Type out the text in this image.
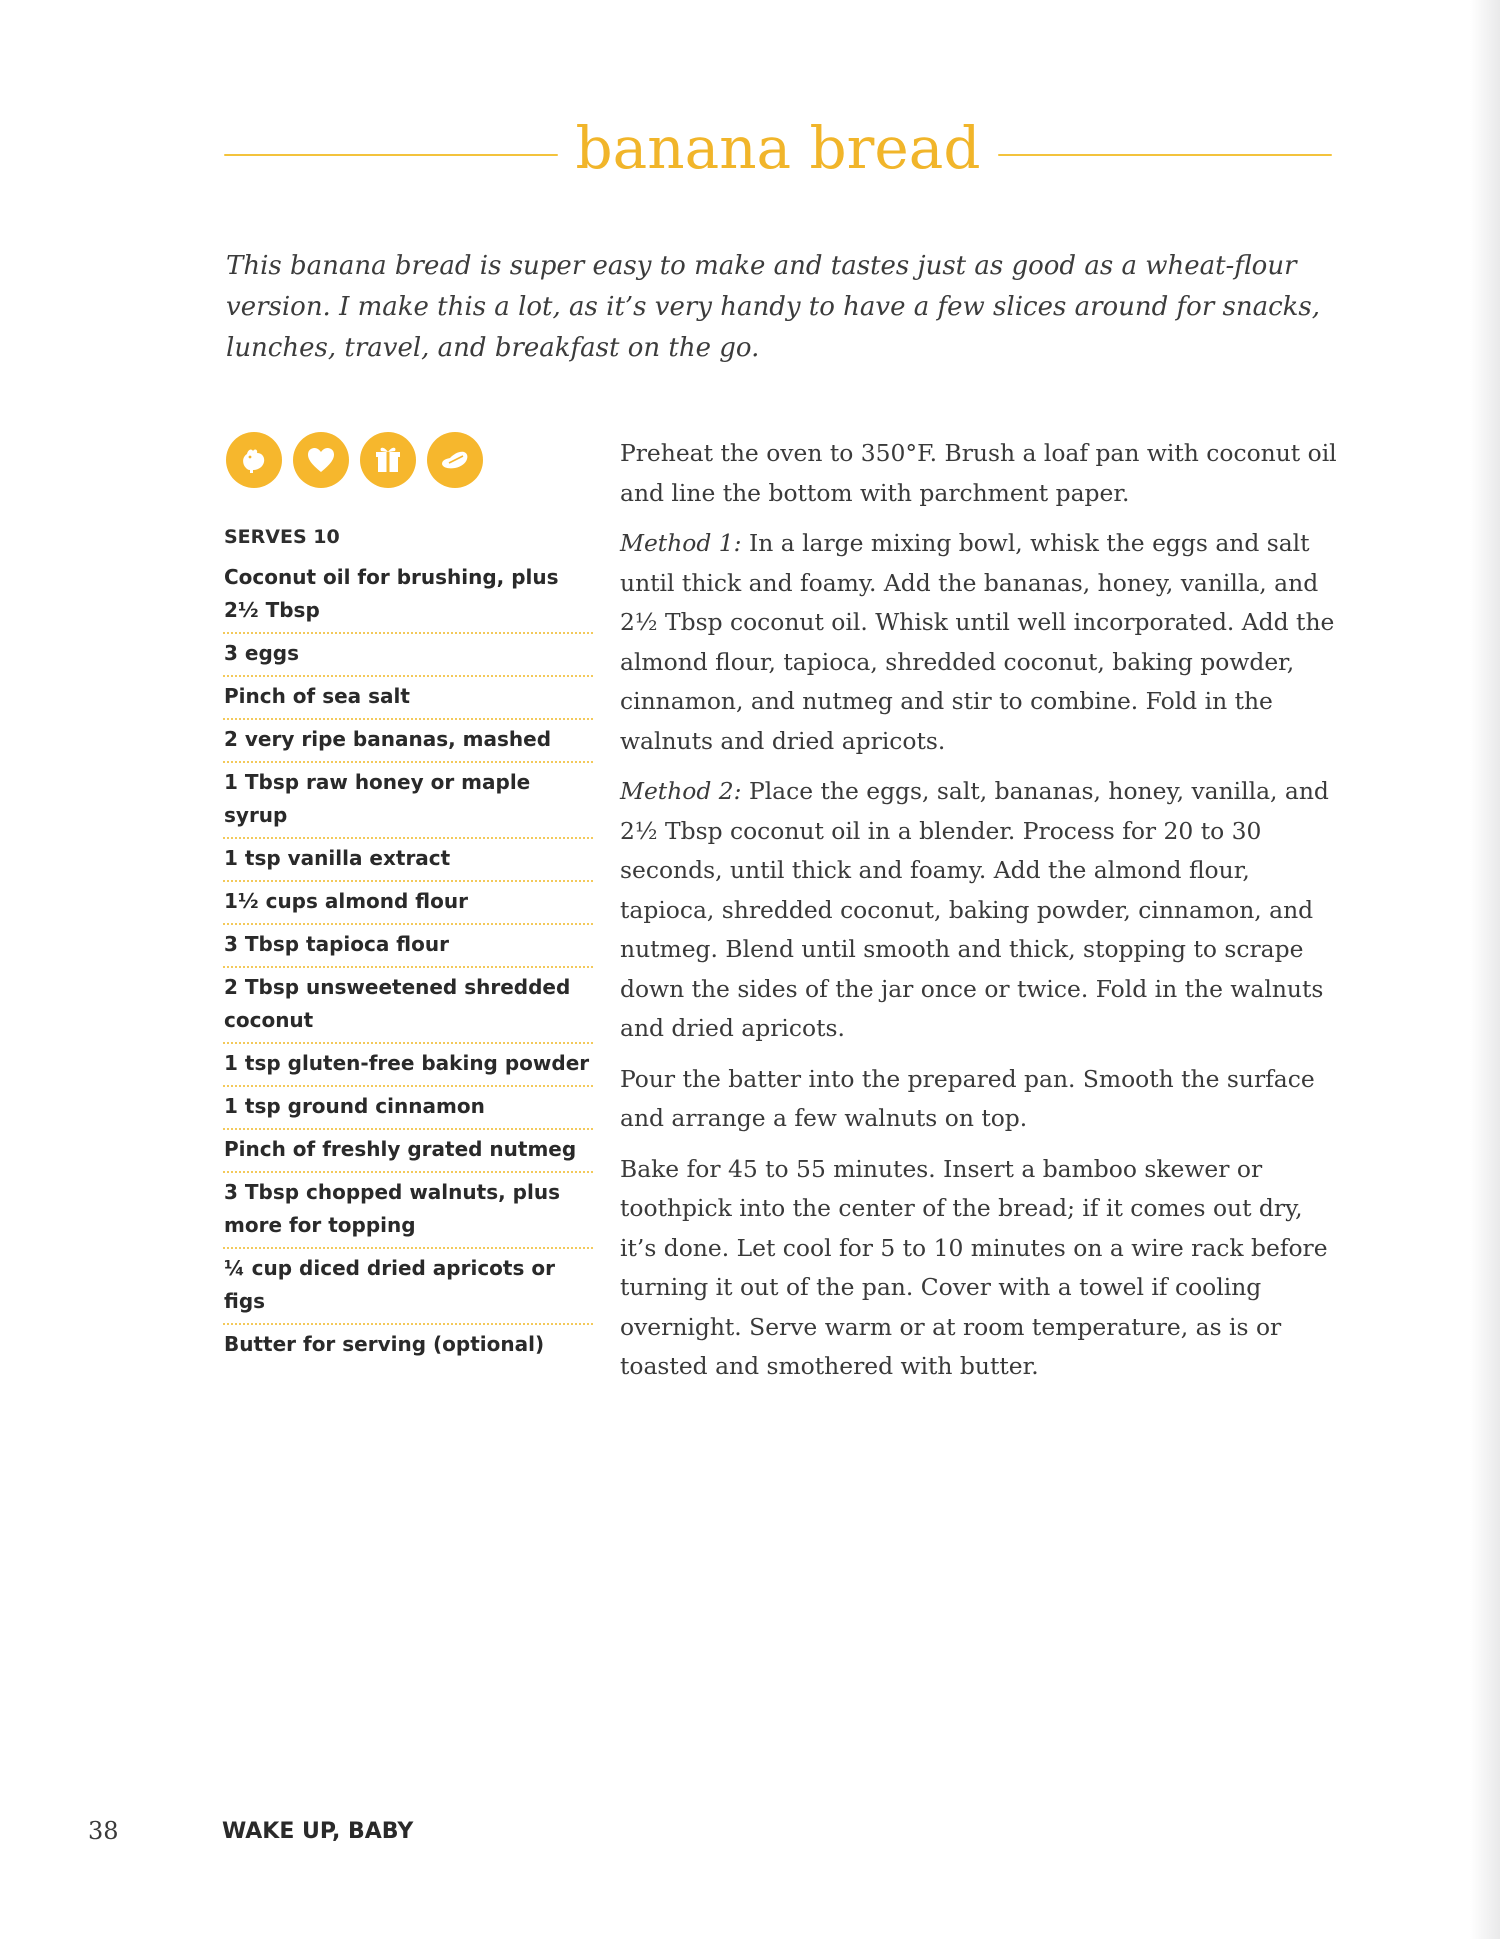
banana bread
This banana bread is super easy to make and tastes just as good as a wheat-flour version. I make this a lot, as it’s very handy to have a few slices around for snacks, lunches, travel, and breakfast on the go.
SERVES 10
Coconut oil for brushing, plus 2½ Tbsp
3 eggs
Pinch of sea salt
2 very ripe bananas, mashed
1 Tbsp raw honey or maple syrup
1 tsp vanilla extract
1½ cups almond flour
3 Tbsp tapioca flour
2 Tbsp unsweetened shredded coconut
1 tsp gluten-free baking powder
1 tsp ground cinnamon
Pinch of freshly grated nutmeg
3 Tbsp chopped walnuts, plus more for topping
¼ cup diced dried apricots or figs
Butter for serving (optional)

Preheat the oven to 350°F. Brush a loaf pan with coconut oil and line the bottom with parchment paper.

Method 1: In a large mixing bowl, whisk the eggs and salt until thick and foamy. Add the bananas, honey, vanilla, and 2½ Tbsp coconut oil. Whisk until well incorporated. Add the almond flour, tapioca, shredded coconut, baking powder, cinnamon, and nutmeg and stir to combine. Fold in the walnuts and dried apricots.

Method 2: Place the eggs, salt, bananas, honey, vanilla, and 2½ Tbsp coconut oil in a blender. Process for 20 to 30 seconds, until thick and foamy. Add the almond flour, tapioca, shredded coconut, baking powder, cinnamon, and nutmeg. Blend until smooth and thick, stopping to scrape down the sides of the jar once or twice. Fold in the walnuts and dried apricots.

Pour the batter into the prepared pan. Smooth the surface and arrange a few walnuts on top.

Bake for 45 to 55 minutes. Insert a bamboo skewer or toothpick into the center of the bread; if it comes out dry, it’s done. Let cool for 5 to 10 minutes on a wire rack before turning it out of the pan. Cover with a towel if cooling overnight. Serve warm or at room temperature, as is or toasted and smothered with butter.

38	WAKE UP, BABY
